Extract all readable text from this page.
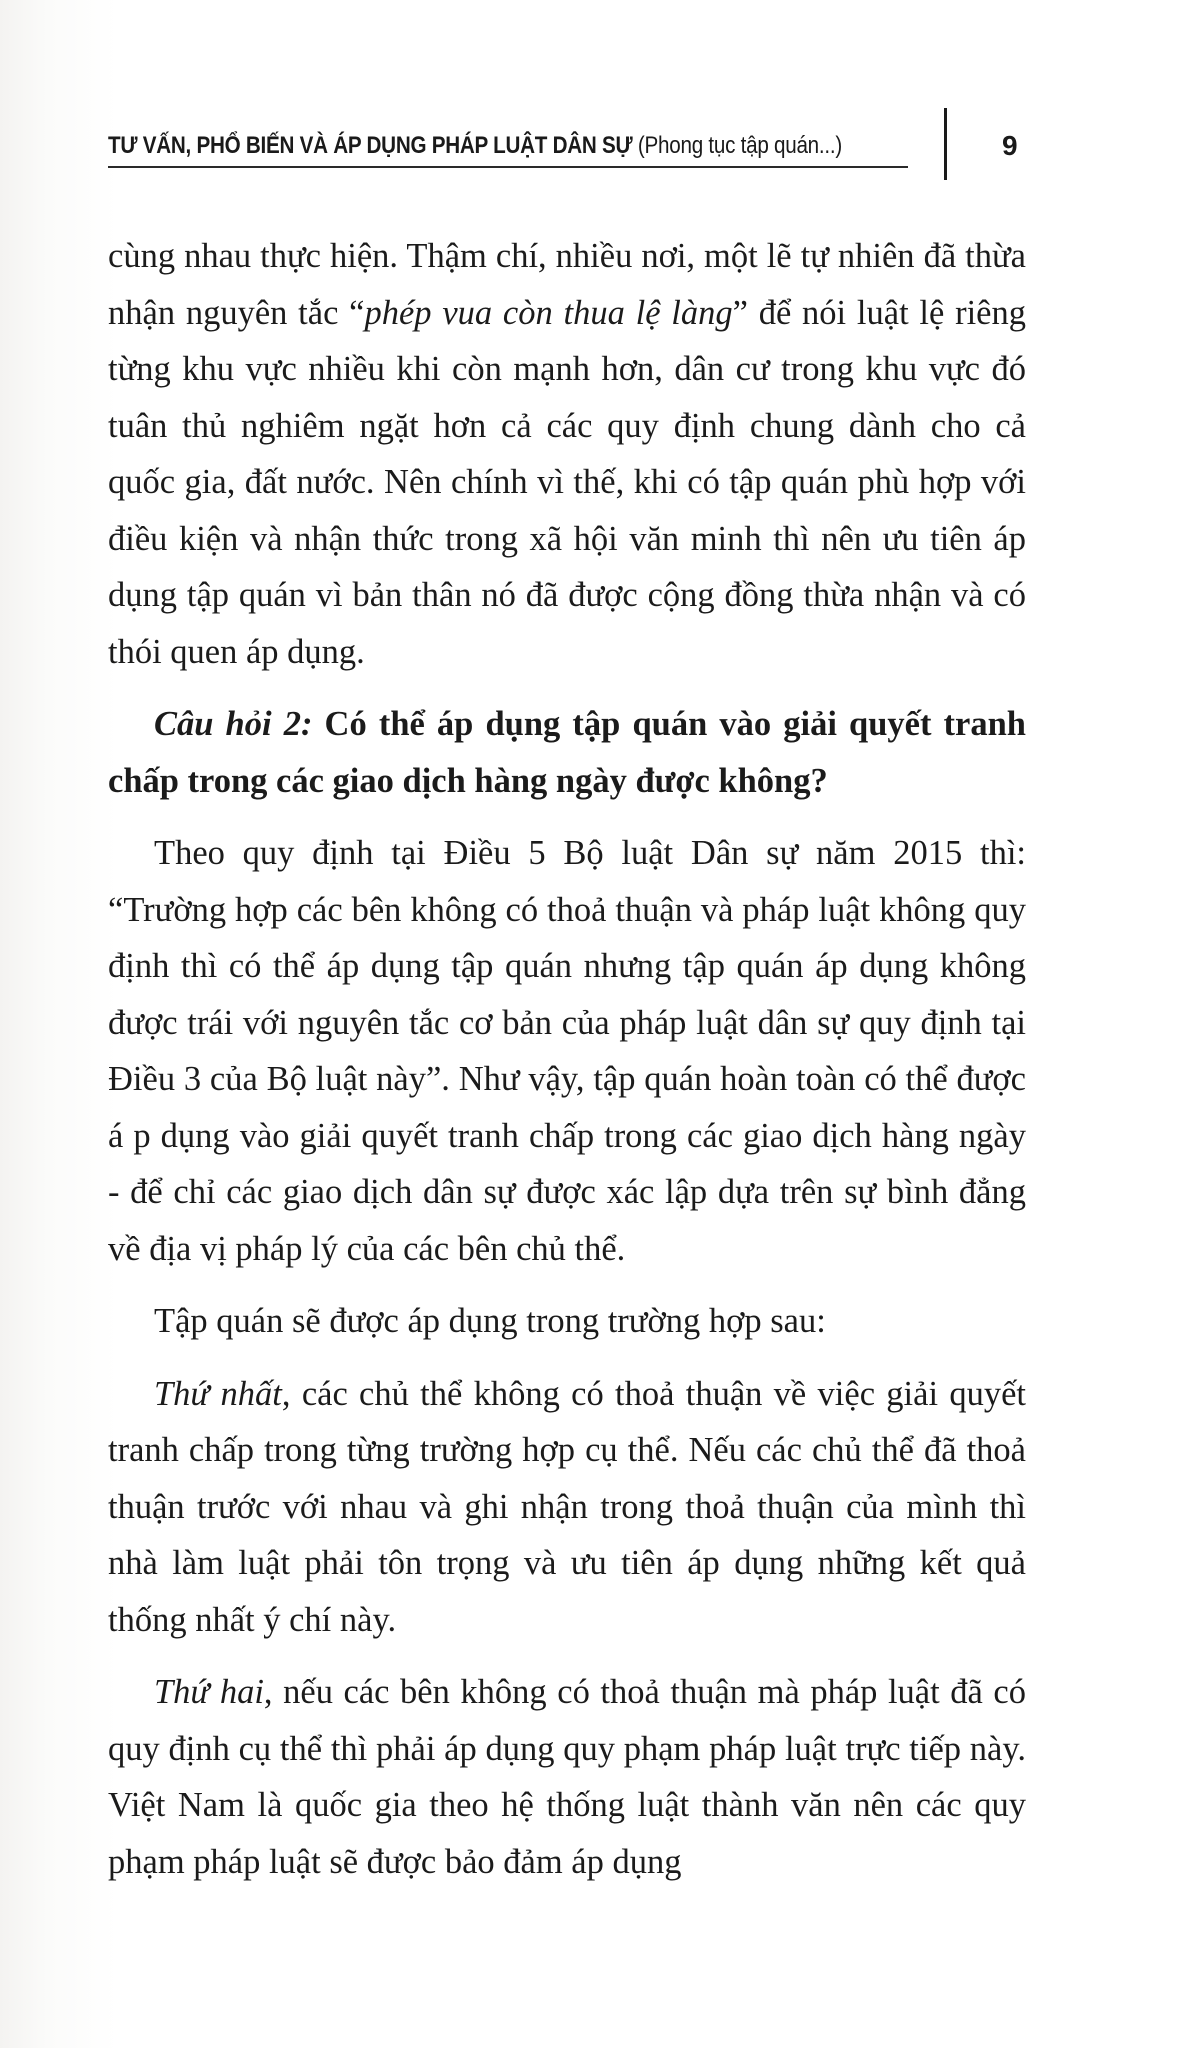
TƯ VẤN, PHỔ BIẾN VÀ ÁP DỤNG PHÁP LUẬT DÂN SỰ (Phong tục tập quán...)	9

cùng nhau thực hiện. Thậm chí, nhiều nơi, một lẽ tự nhiên đã thừa nhận nguyên tắc “phép vua còn thua lệ làng” để nói luật lệ riêng từng khu vực nhiều khi còn mạnh hơn, dân cư trong khu vực đó tuân thủ nghiêm ngặt hơn cả các quy định chung dành cho cả quốc gia, đất nước. Nên chính vì thế, khi có tập quán phù hợp với điều kiện và nhận thức trong xã hội văn minh thì nên ưu tiên áp dụng tập quán vì bản thân nó đã được cộng đồng thừa nhận và có thói quen áp dụng.

Câu hỏi 2: Có thể áp dụng tập quán vào giải quyết tranh chấp trong các giao dịch hàng ngày được không?

Theo quy định tại Điều 5 Bộ luật Dân sự năm 2015 thì: “Trường hợp các bên không có thoả thuận và pháp luật không quy định thì có thể áp dụng tập quán nhưng tập quán áp dụng không được trái với nguyên tắc cơ bản của pháp luật dân sự quy định tại Điều 3 của Bộ luật này”. Như vậy, tập quán hoàn toàn có thể được á p dụng vào giải quyết tranh chấp trong các giao dịch hàng ngày - để chỉ các giao dịch dân sự được xác lập dựa trên sự bình đẳng về địa vị pháp lý của các bên chủ thể.

Tập quán sẽ được áp dụng trong trường hợp sau:

Thứ nhất, các chủ thể không có thoả thuận về việc giải quyết tranh chấp trong từng trường hợp cụ thể. Nếu các chủ thể đã thoả thuận trước với nhau và ghi nhận trong thoả thuận của mình thì nhà làm luật phải tôn trọng và ưu tiên áp dụng những kết quả thống nhất ý chí này.

Thứ hai, nếu các bên không có thoả thuận mà pháp luật đã có quy định cụ thể thì phải áp dụng quy phạm pháp luật trực tiếp này. Việt Nam là quốc gia theo hệ thống luật thành văn nên các quy phạm pháp luật sẽ được bảo đảm áp dụng
